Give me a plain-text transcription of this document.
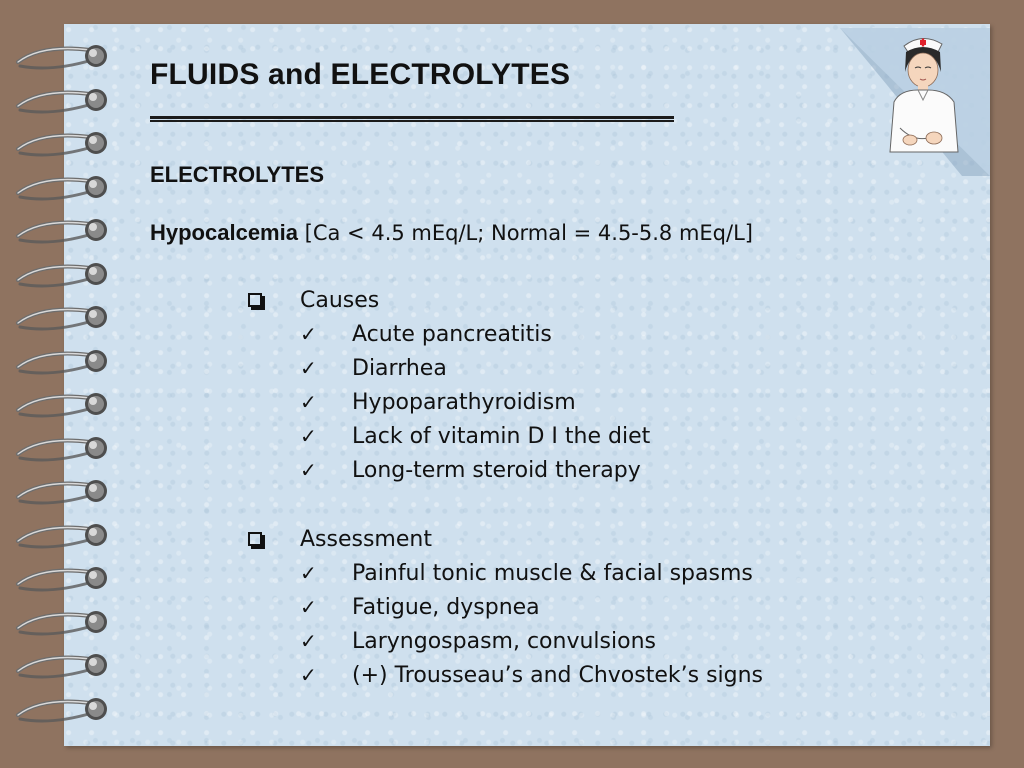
FLUIDS and ELECTROLYTES
ELECTROLYTES
Hypocalcemia [Ca < 4.5 mEq/L; Normal = 4.5-5.8 mEq/L]
Causes
✓ Acute pancreatitis
✓ Diarrhea
✓ Hypoparathyroidism
✓ Lack of vitamin D I the diet
✓ Long-term steroid therapy
Assessment
✓ Painful tonic muscle & facial spasms
✓ Fatigue, dyspnea
✓ Laryngospasm, convulsions
✓ (+) Trousseau’s and Chvostek’s signs
